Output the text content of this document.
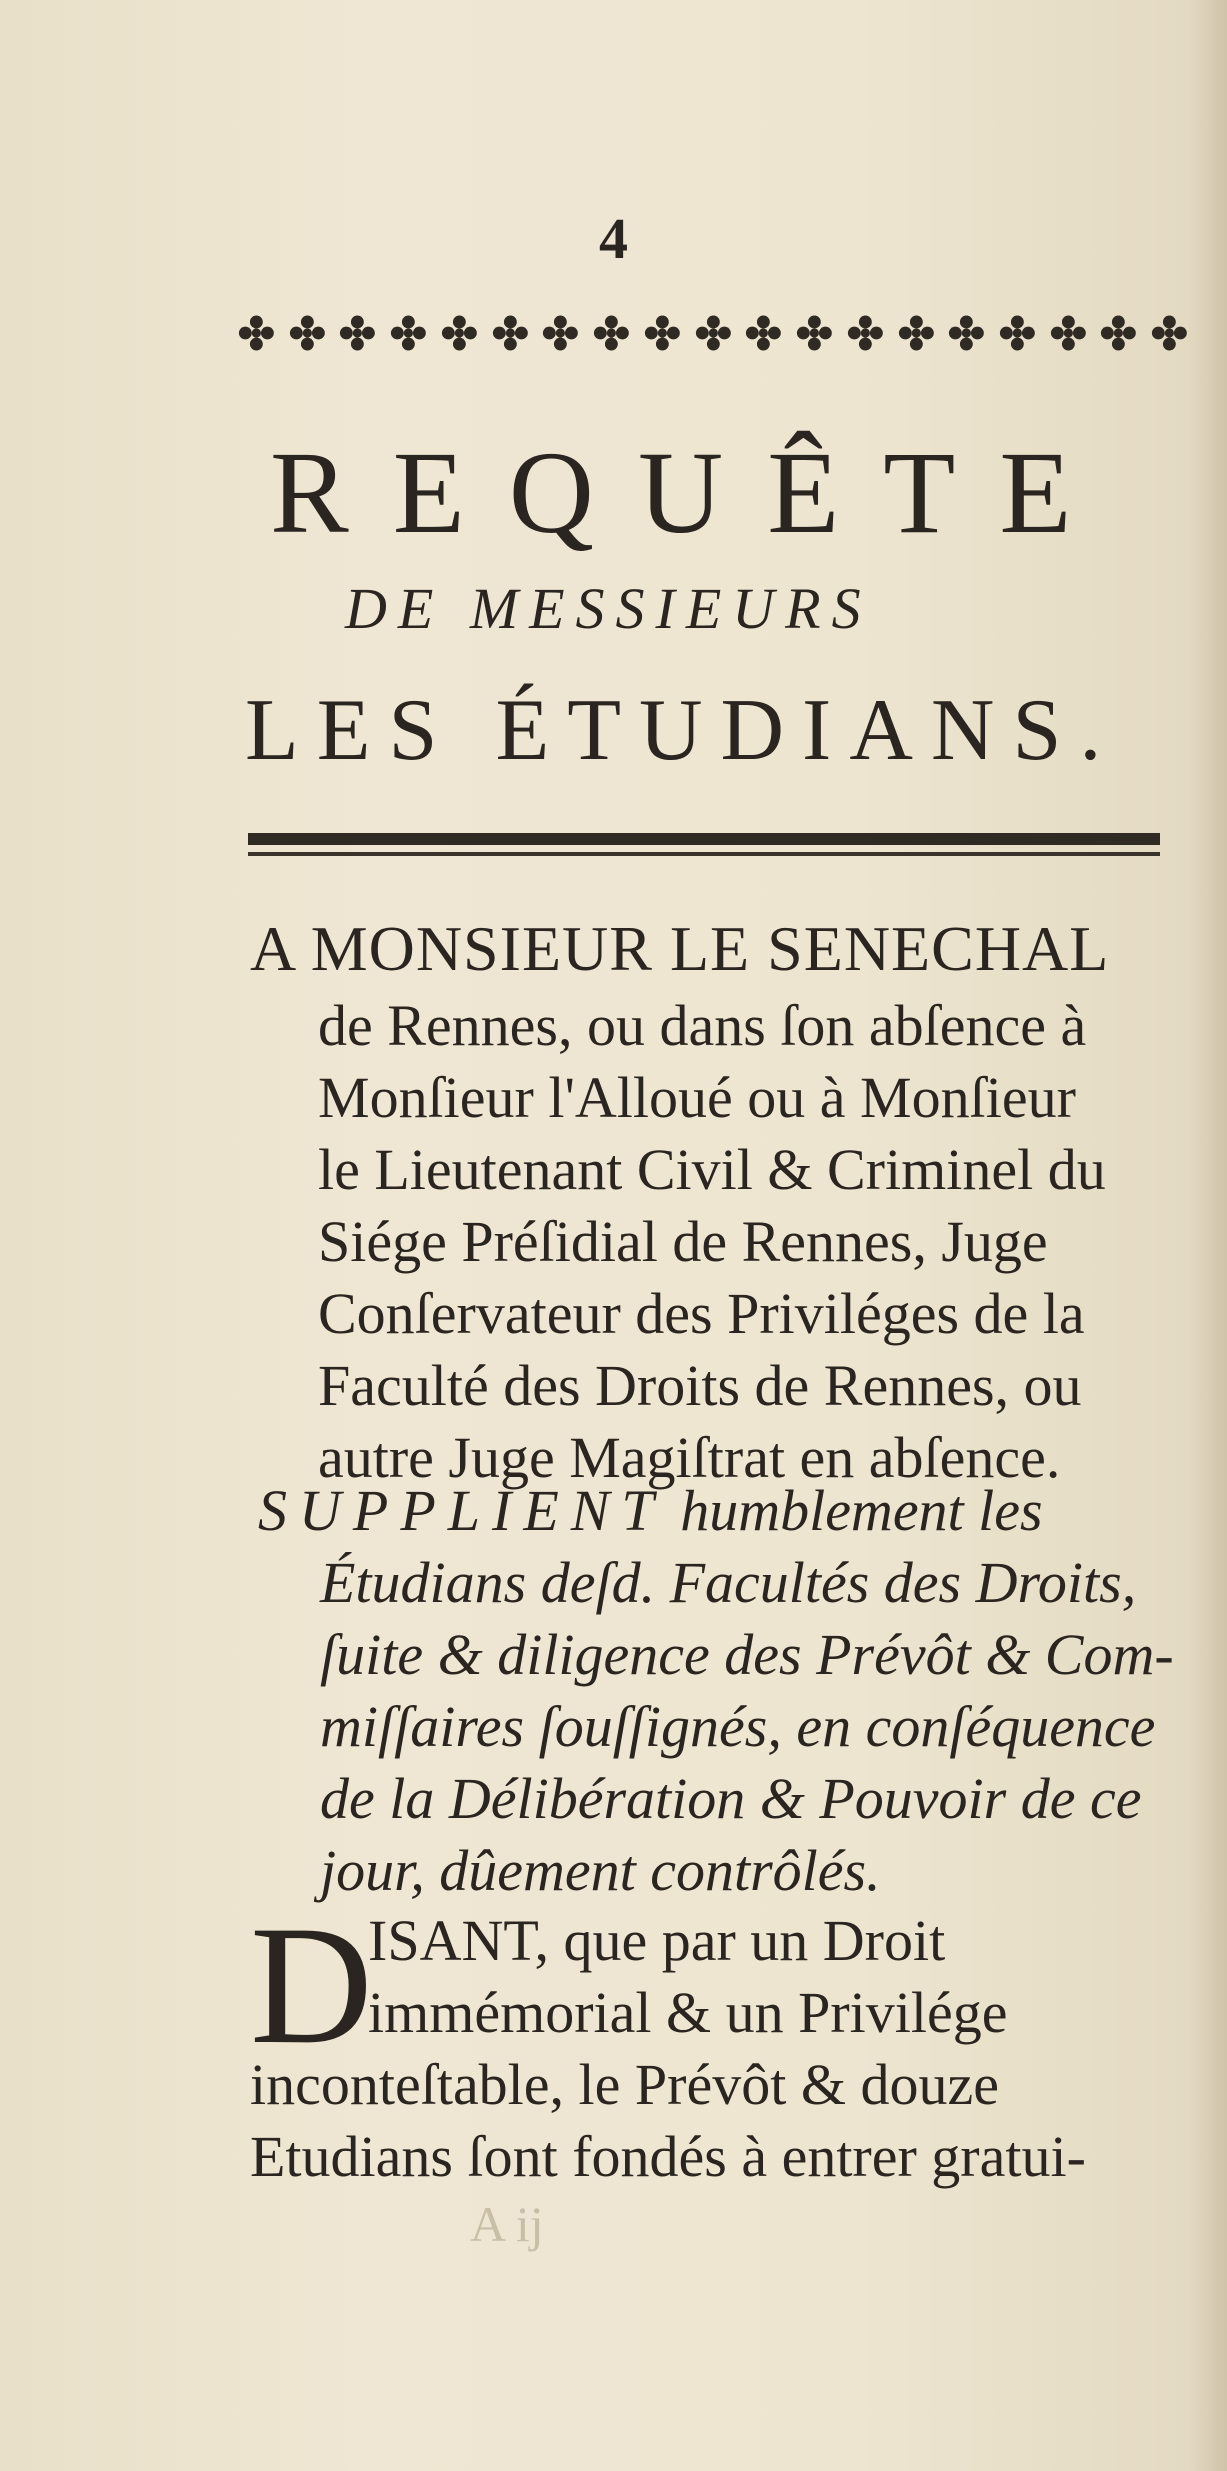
4
REQUÊTE
DE MESSIEURS
LES ÉTUDIANS.
A MONSIEUR LE SENECHAL
de Rennes, ou dans ſon abſence à
Monſieur l'Alloué ou à Monſieur
le Lieutenant Civil & Criminel du
Siége Préſidial de Rennes, Juge
Conſervateur des Priviléges de la
Faculté des Droits de Rennes, ou
autre Juge Magiſtrat en abſence.
SUPPLIENT humblement les
Étudians deſd. Facultés des Droits,
ſuite & diligence des Prévôt & Com-
miſſaires ſouſſignés, en conſéquence
de la Délibération & Pouvoir de ce
jour, dûement contrôlés.
D
ISANT, que par un Droit
immémorial & un Privilége
inconteſtable, le Prévôt & douze
Etudians ſont fondés à entrer gratui-
A ij
